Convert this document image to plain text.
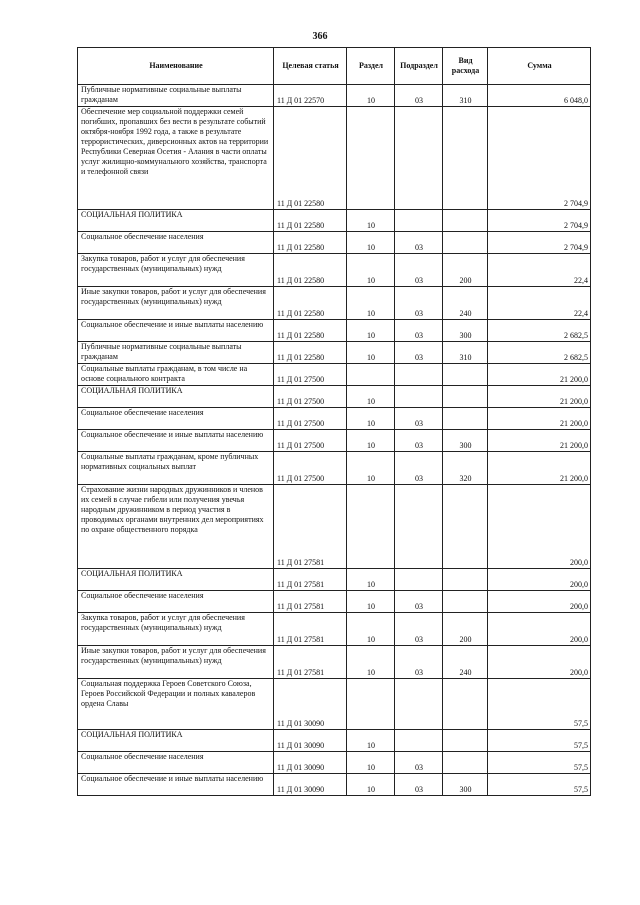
366
Наименование	Целевая статья	Раздел	Подраздел	Вид расхода	Сумма
Публичные нормативные социальные выплаты гражданам	11 Д 01 22570	10	03	310	6 048,0
Обеспечение мер социальной поддержки семей погибших, пропавших без вести в результате событий октября-ноября 1992 года, а также в результате террористических, диверсионных актов на территории Республики Северная Осетия - Алания в части оплаты услуг жилищно-коммунального хозяйства, транспорта и телефонной связи	11 Д 01 22580				2 704,9
СОЦИАЛЬНАЯ ПОЛИТИКА	11 Д 01 22580	10			2 704,9
Социальное обеспечение населения	11 Д 01 22580	10	03		2 704,9
Закупка товаров, работ и услуг для обеспечения государственных (муниципальных) нужд	11 Д 01 22580	10	03	200	22,4
Иные закупки товаров, работ и услуг для обеспечения государственных (муниципальных) нужд	11 Д 01 22580	10	03	240	22,4
Социальное обеспечение и иные выплаты населению	11 Д 01 22580	10	03	300	2 682,5
Публичные нормативные социальные выплаты гражданам	11 Д 01 22580	10	03	310	2 682,5
Социальные выплаты гражданам, в том числе на основе социального контракта	11 Д 01 27500				21 200,0
СОЦИАЛЬНАЯ ПОЛИТИКА	11 Д 01 27500	10			21 200,0
Социальное обеспечение населения	11 Д 01 27500	10	03		21 200,0
Социальное обеспечение и иные выплаты населению	11 Д 01 27500	10	03	300	21 200,0
Социальные выплаты гражданам, кроме публичных нормативных социальных выплат	11 Д 01 27500	10	03	320	21 200,0
Страхование жизни народных дружинников и членов их семей в случае гибели или получения увечья народным дружинником в период участия в проводимых органами внутренних дел мероприятиях по охране общественного порядка	11 Д 01 27581				200,0
СОЦИАЛЬНАЯ ПОЛИТИКА	11 Д 01 27581	10			200,0
Социальное обеспечение населения	11 Д 01 27581	10	03		200,0
Закупка товаров, работ и услуг для обеспечения государственных (муниципальных) нужд	11 Д 01 27581	10	03	200	200,0
Иные закупки товаров, работ и услуг для обеспечения государственных (муниципальных) нужд	11 Д 01 27581	10	03	240	200,0
Социальная поддержка Героев Советского Союза, Героев Российской Федерации и полных кавалеров ордена Славы	11 Д 01 30090				57,5
СОЦИАЛЬНАЯ ПОЛИТИКА	11 Д 01 30090	10			57,5
Социальное обеспечение населения	11 Д 01 30090	10	03		57,5
Социальное обеспечение и иные выплаты населению	11 Д 01 30090	10	03	300	57,5
